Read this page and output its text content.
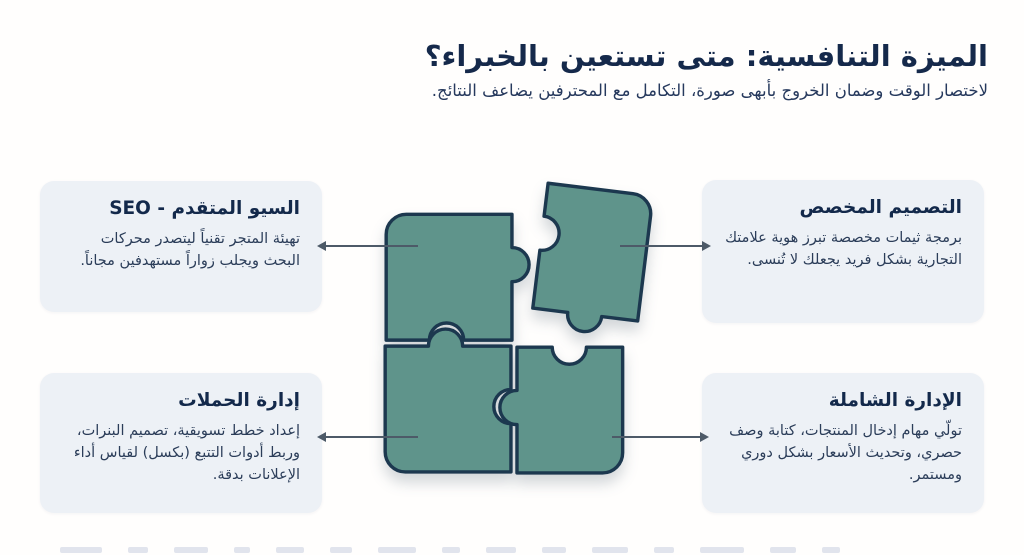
الميزة التنافسية: متى تستعين بالخبراء؟

لاختصار الوقت وضمان الخروج بأبهى صورة، التكامل مع المحترفين يضاعف النتائج.

السيو المتقدم - SEO

تهيئة المتجر تقنياً ليتصدر محركات البحث ويجلب زواراً مستهدفين مجاناً.

التصميم المخصص

برمجة ثيمات مخصصة تبرز هوية علامتك التجارية بشكل فريد يجعلك لا تُنسى.

إدارة الحملات

إعداد خطط تسويقية، تصميم البنرات، وربط أدوات التتبع (بكسل) لقياس أداء الإعلانات بدقة.

الإدارة الشاملة

تولّي مهام إدخال المنتجات، كتابة وصف حصري، وتحديث الأسعار بشكل دوري ومستمر.
